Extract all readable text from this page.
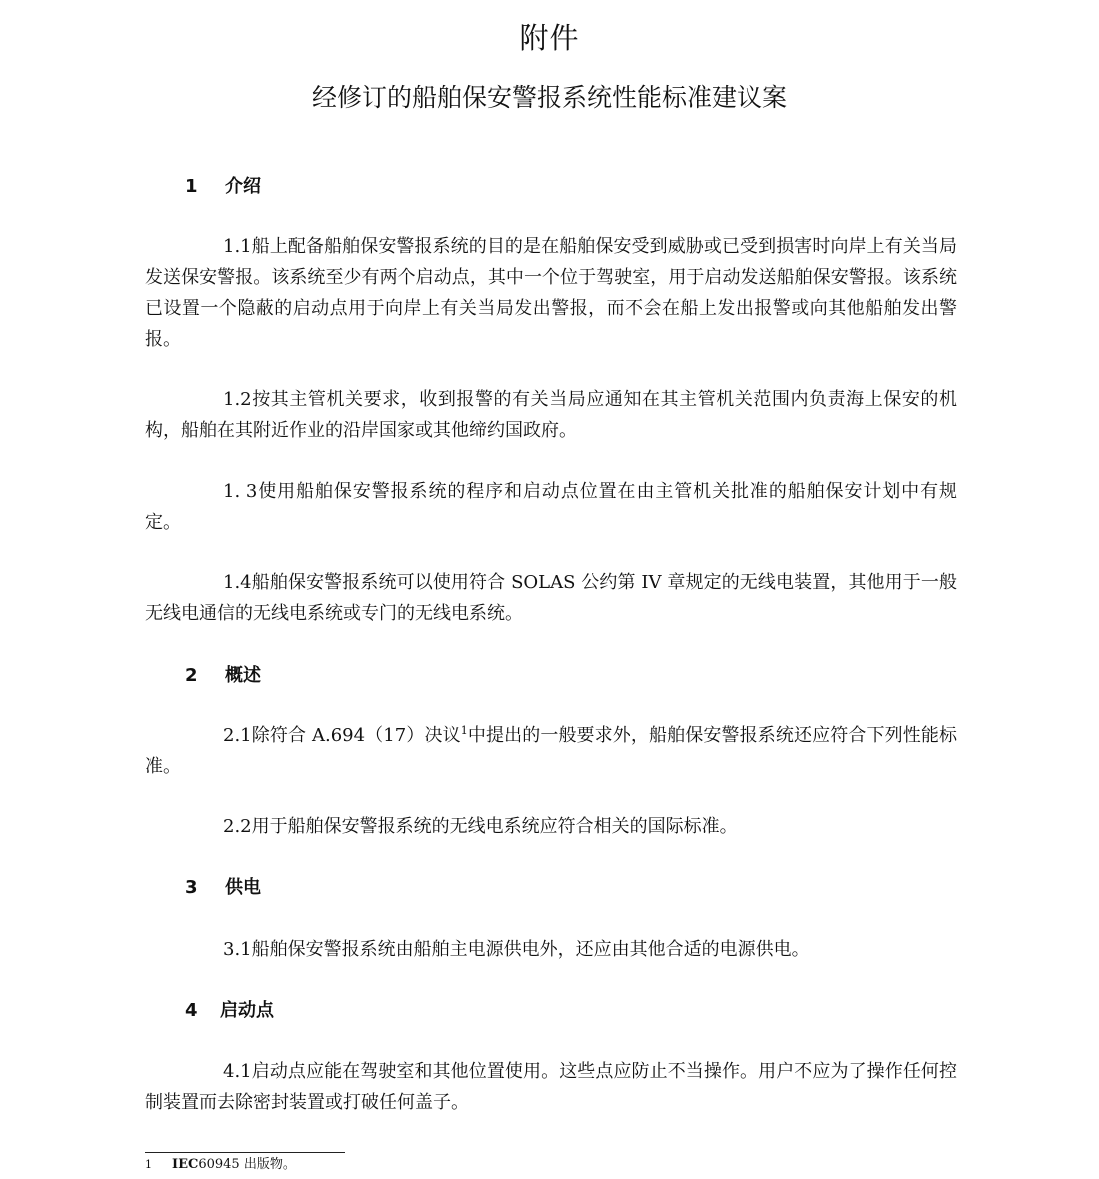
附件
经修订的船舶保安警报系统性能标准建议案
1 介绍

1.1船上配备船舶保安警报系统的目的是在船舶保安受到威胁或已受到损害时向岸上有关当局发送保安警报。该系统至少有两个启动点，其中一个位于驾驶室，用于启动发送船舶保安警报。该系统已设置一个隐蔽的启动点用于向岸上有关当局发出警报，而不会在船上发出报警或向其他船舶发出警报。

1.2按其主管机关要求，收到报警的有关当局应通知在其主管机关范围内负责海上保安的机构，船舶在其附近作业的沿岸国家或其他缔约国政府。

1. 3使用船舶保安警报系统的程序和启动点位置在由主管机关批准的船舶保安计划中有规定。

1.4船舶保安警报系统可以使用符合 SOLAS 公约第 IV 章规定的无线电装置，其他用于一般无线电通信的无线电系统或专门的无线电系统。

2 概述

2.1除符合 A.694（17）决议$^1$中提出的一般要求外，船舶保安警报系统还应符合下列性能标准。

2.2用于船舶保安警报系统的无线电系统应符合相关的国际标准。

3 供电

3.1船舶保安警报系统由船舶主电源供电外，还应由其他合适的电源供电。

4 启动点

4.1启动点应能在驾驶室和其他位置使用。这些点应防止不当操作。用户不应为了操作任何控制装置而去除密封装置或打破任何盖子。

1 IEC60945 出版物。
